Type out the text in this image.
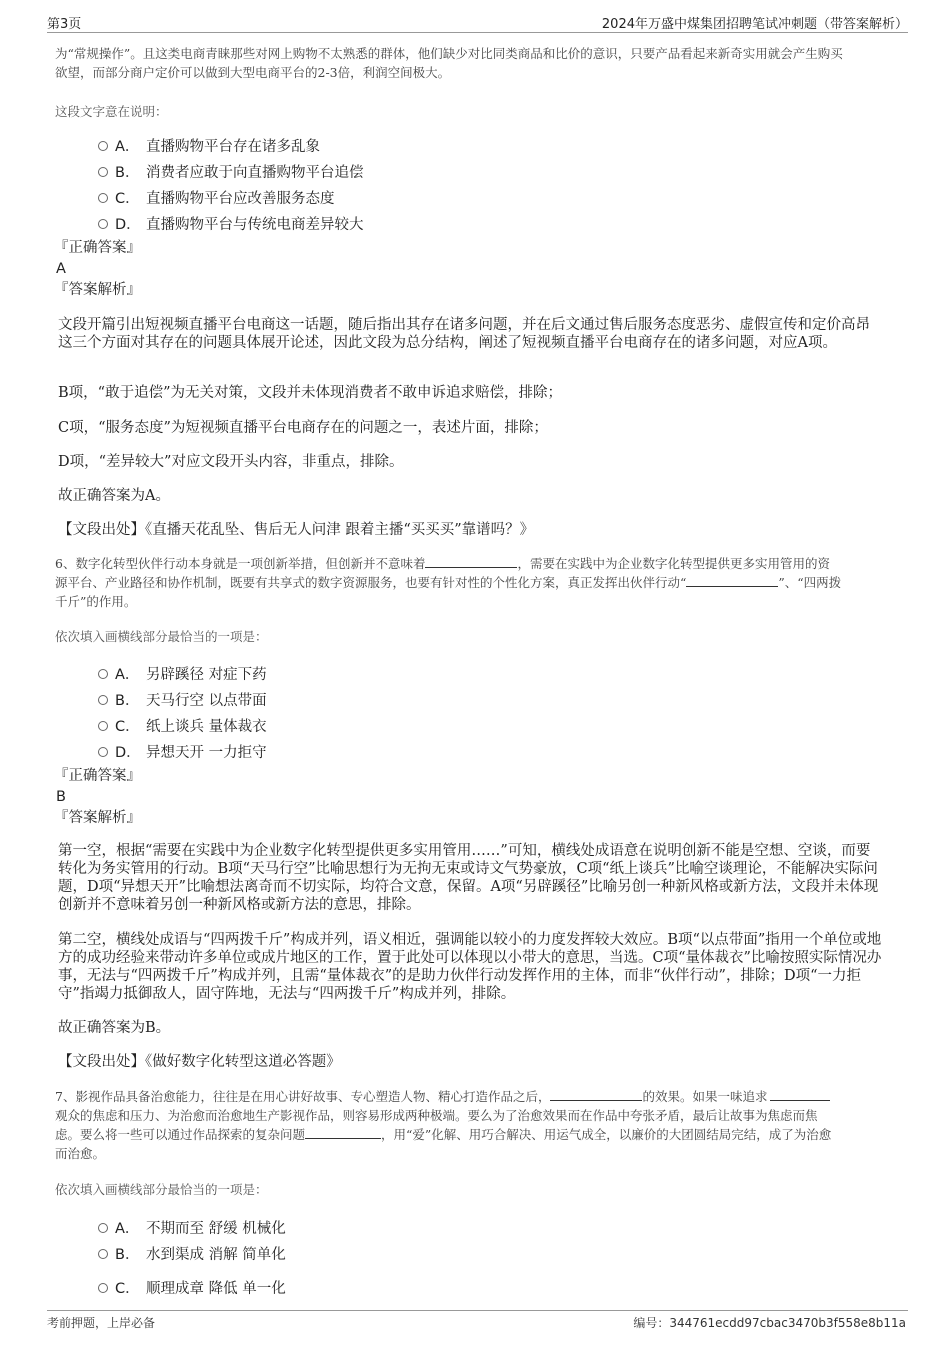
第3页	2024年万盛中煤集团招聘笔试冲刺题（带答案解析）

为“常规操作”。且这类电商青睐那些对网上购物不太熟悉的群体，他们缺少对比同类商品和比价的意识，只要产品看起来新奇实用就会产生购买

欲望，而部分商户定价可以做到大型电商平台的2-3倍，利润空间极大。

这段文字意在说明：

A． 直播购物平台存在诸多乱象
B． 消费者应敢于向直播购物平台追偿
C． 直播购物平台应改善服务态度
D． 直播购物平台与传统电商差异较大

『正确答案』

A

『答案解析』

文段开篇引出短视频直播平台电商这一话题，随后指出其存在诸多问题，并在后文通过售后服务态度恶劣、虚假宣传和定价高昂这三个方面对其存在的问题具体展开论述，因此文段为总分结构，阐述了短视频直播平台电商存在的诸多问题，对应A项。

B项，“敢于追偿”为无关对策，文段并未体现消费者不敢申诉追求赔偿，排除；

C项，“服务态度”为短视频直播平台电商存在的问题之一，表述片面，排除；

D项，“差异较大”对应文段开头内容，非重点，排除。

故正确答案为A。

【文段出处】《直播天花乱坠、售后无人问津 跟着主播“买买买”靠谱吗？》

6、数字化转型伙伴行动本身就是一项创新举措，但创新并不意味着	，需要在实践中为企业数字化转型提供更多实用管用的资
源平台、产业路径和协作机制，既要有共享式的数字资源服务，也要有针对性的个性化方案，真正发挥出伙伴行动“	”、“四两拨
千斤”的作用。

依次填入画横线部分最恰当的一项是：

A． 另辟蹊径 对症下药
B． 天马行空 以点带面
C． 纸上谈兵 量体裁衣
D． 异想天开 一力拒守

『正确答案』

B

『答案解析』

第一空，根据“需要在实践中为企业数字化转型提供更多实用管用……”可知，横线处成语意在说明创新不能是空想、空谈，而要转化为务实管用的行动。B项“天马行空”比喻思想行为无拘无束或诗文气势豪放，C项“纸上谈兵”比喻空谈理论，不能解决实际问题，D项“异想天开”比喻想法离奇而不切实际，均符合文意，保留。A项“另辟蹊径”比喻另创一种新风格或新方法，文段并未体现创新并不意味着另创一种新风格或新方法的意思，排除。

第二空，横线处成语与“四两拨千斤”构成并列，语义相近，强调能以较小的力度发挥较大效应。B项“以点带面”指用一个单位或地方的成功经验来带动许多单位或成片地区的工作，置于此处可以体现以小带大的意思，当选。C项“量体裁衣”比喻按照实际情况办事，无法与“四两拨千斤”构成并列，且需“量体裁衣”的是助力伙伴行动发挥作用的主体，而非“伙伴行动”，排除；D项“一力拒守”指竭力抵御敌人，固守阵地，无法与“四两拨千斤”构成并列，排除。

故正确答案为B。

【文段出处】《做好数字化转型这道必答题》

7、影视作品具备治愈能力，往往是在用心讲好故事、专心塑造人物、精心打造作品之后，	的效果。如果一味追求
观众的焦虑和压力、为治愈而治愈地生产影视作品，则容易形成两种极端。要么为了治愈效果而在作品中夸张矛盾，最后让故事为焦虑而焦
虑。要么将一些可以通过作品探索的复杂问题	，用“爱”化解、用巧合解决、用运气成全，以廉价的大团圆结局完结，成了为治愈
而治愈。

依次填入画横线部分最恰当的一项是：

A． 不期而至 舒缓 机械化
B． 水到渠成 消解 简单化
C． 顺理成章 降低 单一化
考前押题，上岸必备	编号：344761ecdd97cbac3470b3f558e8b11a
